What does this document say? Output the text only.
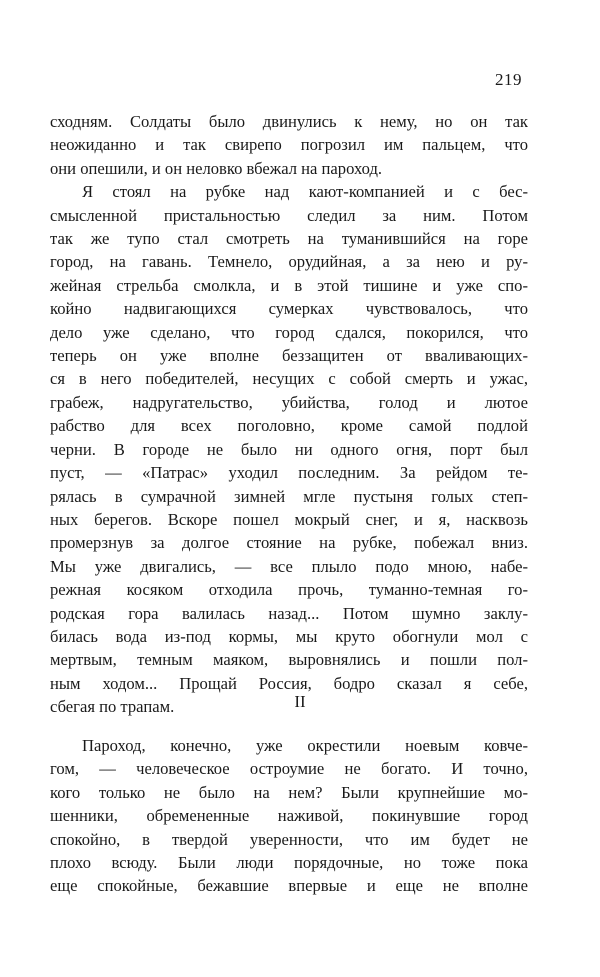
219
сходням. Солдаты было двинулись к нему, но он так
неожиданно и так свирепо погрозил им пальцем, что
они опешили, и он неловко вбежал на пароход.
Я стоял на рубке над кают-компанией и с бес-
смысленной пристальностью следил за ним. Потом
так же тупо стал смотреть на туманившийся на горе
город, на гавань. Темнело, орудийная, а за нею и ру-
жейная стрельба смолкла, и в этой тишине и уже спо-
койно надвигающихся сумерках чувствовалось, что
дело уже сделано, что город сдался, покорился, что
теперь он уже вполне беззащитен от вваливающих-
ся в него победителей, несущих с собой смерть и ужас,
грабеж, надругательство, убийства, голод и лютое
рабство для всех поголовно, кроме самой подлой
черни. В городе не было ни одного огня, порт был
пуст, — «Патрас» уходил последним. За рейдом те-
рялась в сумрачной зимней мгле пустыня голых степ-
ных берегов. Вскоре пошел мокрый снег, и я, насквозь
промерзнув за долгое стояние на рубке, побежал вниз.
Мы уже двигались, — все плыло подо мною, набе-
режная косяком отходила прочь, туманно-темная го-
родская гора валилась назад... Потом шумно заклу-
билась вода из-под кормы, мы круто обогнули мол с
мертвым, темным маяком, выровнялись и пошли пол-
ным ходом... Прощай Россия, бодро сказал я себе,
сбегая по трапам.	II
Пароход, конечно, уже окрестили ноевым ковче-
гом, — человеческое остроумие не богато. И точно,
кого только не было на нем? Были крупнейшие мо-
шенники, обремененные наживой, покинувшие город
спокойно, в твердой уверенности, что им будет не
плохо всюду. Были люди порядочные, но тоже пока
еще спокойные, бежавшие впервые и еще не вполне
